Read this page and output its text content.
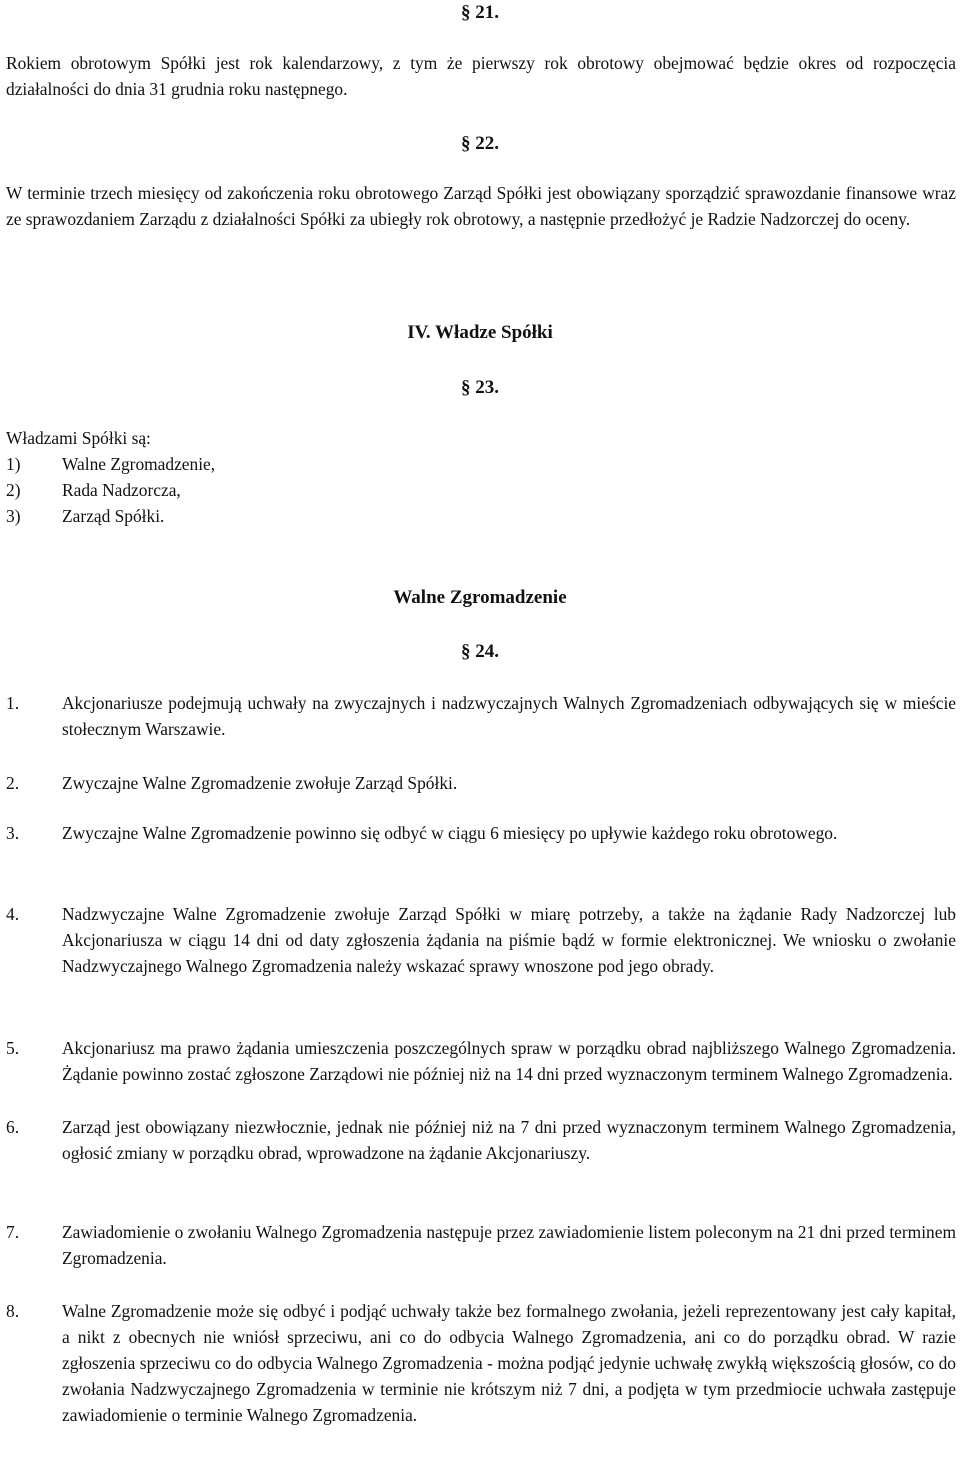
§ 21.
Rokiem obrotowym Spółki jest rok kalendarzowy, z tym że pierwszy rok obrotowy obejmować będzie okres od rozpoczęcia działalności do dnia 31 grudnia roku następnego.
§ 22.
W terminie trzech miesięcy od zakończenia roku obrotowego Zarząd Spółki jest obowiązany sporządzić sprawozdanie finansowe wraz ze sprawozdaniem Zarządu z działalności Spółki za ubiegły rok obrotowy, a następnie przedłożyć je Radzie Nadzorczej do oceny.
IV. Władze Spółki
§ 23.
Władzami Spółki są:
1)	Walne Zgromadzenie,
2)	Rada Nadzorcza,
3)	Zarząd Spółki.
Walne Zgromadzenie
§ 24.
1.	Akcjonariusze podejmują uchwały na zwyczajnych i nadzwyczajnych Walnych Zgromadzeniach odbywających się w mieście stołecznym Warszawie.
2.	Zwyczajne Walne Zgromadzenie zwołuje Zarząd Spółki.
3.	Zwyczajne Walne Zgromadzenie powinno się odbyć w ciągu 6 miesięcy po upływie każdego roku obrotowego.
4.	Nadzwyczajne Walne Zgromadzenie zwołuje Zarząd Spółki w miarę potrzeby, a także na żądanie Rady Nadzorczej lub Akcjonariusza w ciągu 14 dni od daty zgłoszenia żądania na piśmie bądź w formie elektronicznej. We wniosku o zwołanie Nadzwyczajnego Walnego Zgromadzenia należy wskazać sprawy wnoszone pod jego obrady.
5.	Akcjonariusz ma prawo żądania umieszczenia poszczególnych spraw w porządku obrad najbliższego Walnego Zgromadzenia. Żądanie powinno zostać zgłoszone Zarządowi nie później niż na 14 dni przed wyznaczonym terminem Walnego Zgromadzenia.
6.	Zarząd jest obowiązany niezwłocznie, jednak nie później niż na 7 dni przed wyznaczonym terminem Walnego Zgromadzenia, ogłosić zmiany w porządku obrad, wprowadzone na żądanie Akcjonariuszy.
7.	Zawiadomienie o zwołaniu Walnego Zgromadzenia następuje przez zawiadomienie listem poleconym na 21 dni przed terminem Zgromadzenia.
8.	Walne Zgromadzenie może się odbyć i podjąć uchwały także bez formalnego zwołania, jeżeli reprezentowany jest cały kapitał, a nikt z obecnych nie wniósł sprzeciwu, ani co do odbycia Walnego Zgromadzenia, ani co do porządku obrad. W razie zgłoszenia sprzeciwu co do odbycia Walnego Zgromadzenia - można podjąć jedynie uchwałę zwykłą większością głosów, co do zwołania Nadzwyczajnego Zgromadzenia w terminie nie krótszym niż 7 dni, a podjęta w tym przedmiocie uchwała zastępuje zawiadomienie o terminie Walnego Zgromadzenia.
